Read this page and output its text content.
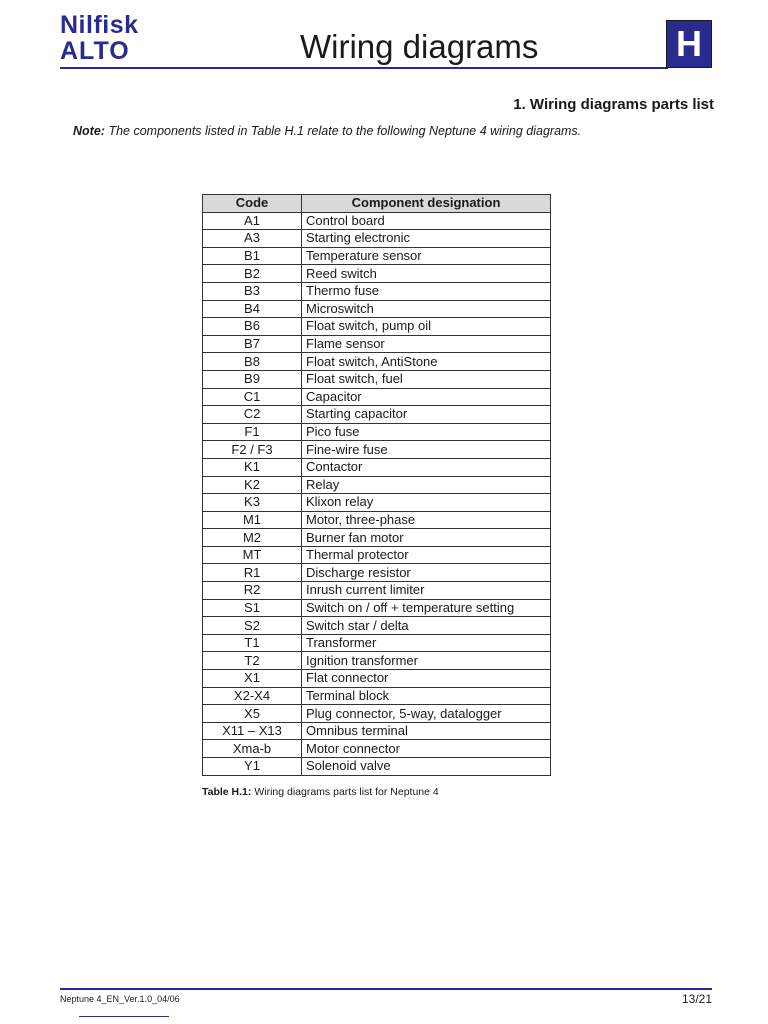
Nilfisk
ALTO	Wiring diagrams	H
1. Wiring diagrams parts list
Note: The components listed in Table H.1 relate to the following Neptune 4 wiring diagrams.
Code	Component designation
A1	Control board
A3	Starting electronic
B1	Temperature sensor
B2	Reed switch
B3	Thermo fuse
B4	Microswitch
B6	Float switch, pump oil
B7	Flame sensor
B8	Float switch, AntiStone
B9	Float switch, fuel
C1	Capacitor
C2	Starting capacitor
F1	Pico fuse
F2 / F3	Fine-wire fuse
K1	Contactor
K2	Relay
K3	Klixon relay
M1	Motor, three-phase
M2	Burner fan motor
MT	Thermal protector
R1	Discharge resistor
R2	Inrush current limiter
S1	Switch on / off + temperature setting
S2	Switch star / delta
T1	Transformer
T2	Ignition transformer
X1	Flat connector
X2-X4	Terminal block
X5	Plug connector, 5-way, datalogger
X11 – X13	Omnibus terminal
Xma-b	Motor connector
Y1	Solenoid valve
Table H.1: Wiring diagrams parts list for Neptune 4
Neptune 4_EN_Ver.1.0_04/06	13/21
